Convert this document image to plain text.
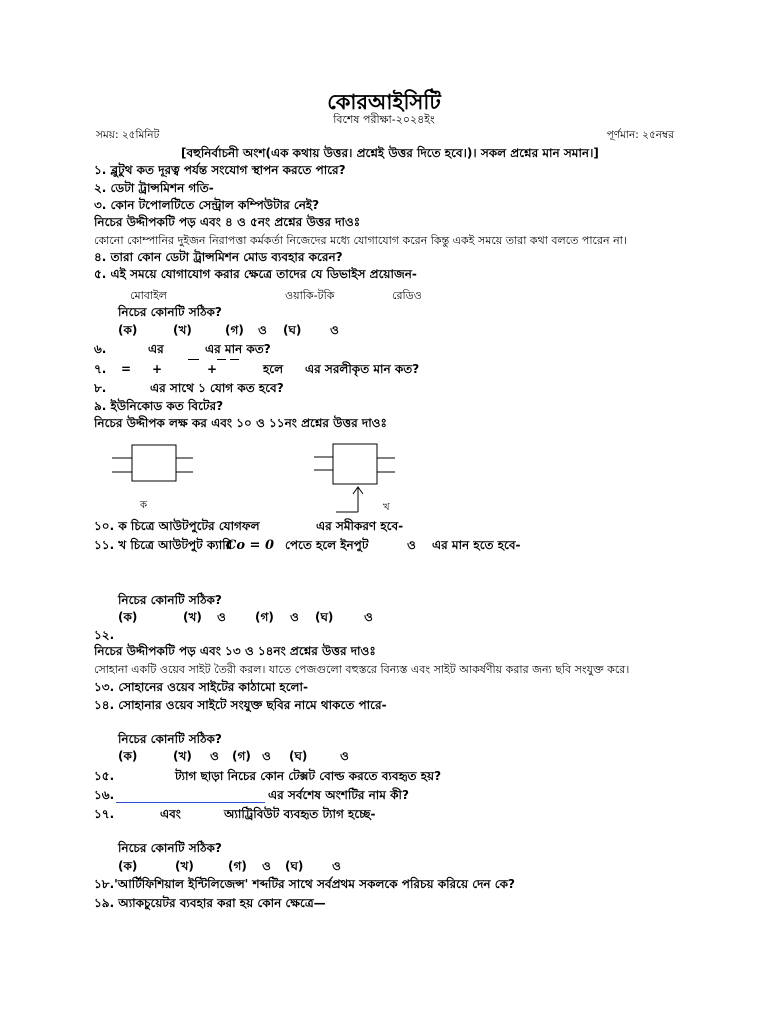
কোরআইসিটি
বিশেষ পরীক্ষা-২০২৪ইং
সময়: ২৫মিনিট	পূর্ণমান: ২৫নম্বর
[বহুনির্বাচনী অংশ(এক কথায় উত্তর। প্রশ্নেই উত্তর দিতে হবে।)। সকল প্রশ্নের মান সমান।]
১. ব্লুটুথ কত দূরত্ব পর্যন্ত সংযোগ স্থাপন করতে পারে?
২. ডেটা ট্রান্সমিশন গতি-
৩. কোন টপোলটিতে সেন্ট্রাল কম্পিউটার নেই?
নিচের উদ্দীপকটি পড় এবং ৪ ও ৫নং প্রশ্নের উত্তর দাওঃ
কোনো কোম্পানির দুইজন নিরাপত্তা কর্মকর্তা নিজেদের মধ্যে যোগাযোগ করেন কিন্তু একই সময়ে তারা কথা বলতে পারেন না।
৪. তারা কোন ডেটা ট্রান্সমিশন মোড ব্যবহার করেন?
৫. এই সময়ে যোগাযোগ করার ক্ষেত্রে তাদের যে ডিভাইস প্রয়োজন-
মোবাইল	ওয়াকি-টকি	রেডিও
নিচের কোনটি সঠিক?
(ক)	(খ)	(গ) ও (ঘ) ও
৬.	এর	এর মান কত?
৭. = +	+	হলে এর সরলীকৃত মান কত?
৮.	এর সাথে ১ যোগ কত হবে?
৯. ইউনিকোড কত বিটের?
নিচের উদ্দীপক লক্ষ কর এবং ১০ ও ১১নং প্রশ্নের উত্তর দাওঃ
ক	খ
১০. ক চিত্রে আউটপুটের যোগফল	এর সমীকরণ হবে-
১১. খ চিত্রে আউটপুট ক্যারি
Co = 0 পেতে হলে ইনপুট	ও এর মান হতে হবে-
নিচের কোনটি সঠিক?
(ক)	(খ) ও (গ) ও (ঘ)	ও
১২.
নিচের উদ্দীপকটি পড় এবং ১৩ ও ১৪নং প্রশ্নের উত্তর দাওঃ
সোহানা একটি ওয়েব সাইট তৈরী করল। যাতে পেজগুলো বহুস্তরে বিন্যস্ত এবং সাইট আকর্ষণীয় করার জন্য ছবি সংযুক্ত করে।
১৩. সোহানের ওয়েব সাইটের কাঠামো হলো-
১৪. সোহানার ওয়েব সাইটে সংযুক্ত ছবির নামে থাকতে পারে-
নিচের কোনটি সঠিক?
(ক)	(খ) ও (গ) ও (ঘ)	ও
১৫.	ট্যাগ ছাড়া নিচের কোন টেক্সট বোল্ড করতে ব্যবহৃত হয়?
১৬.	এর সর্বশেষ অংশটির নাম কী?
১৭.	এবং	অ্যাট্রিবিউট ব্যবহৃত ট্যাগ হচ্ছে-
নিচের কোনটি সঠিক?
(ক)	(খ)	(গ) ও (ঘ) ও
১৮.'আর্টিফিশিয়াল ইন্টিলিজেন্স' শব্দটির সাথে সর্বপ্রথম সকলকে পরিচয় করিয়ে দেন কে?
১৯. অ্যাকচুয়েটর ব্যবহার করা হয় কোন ক্ষেত্রে—
